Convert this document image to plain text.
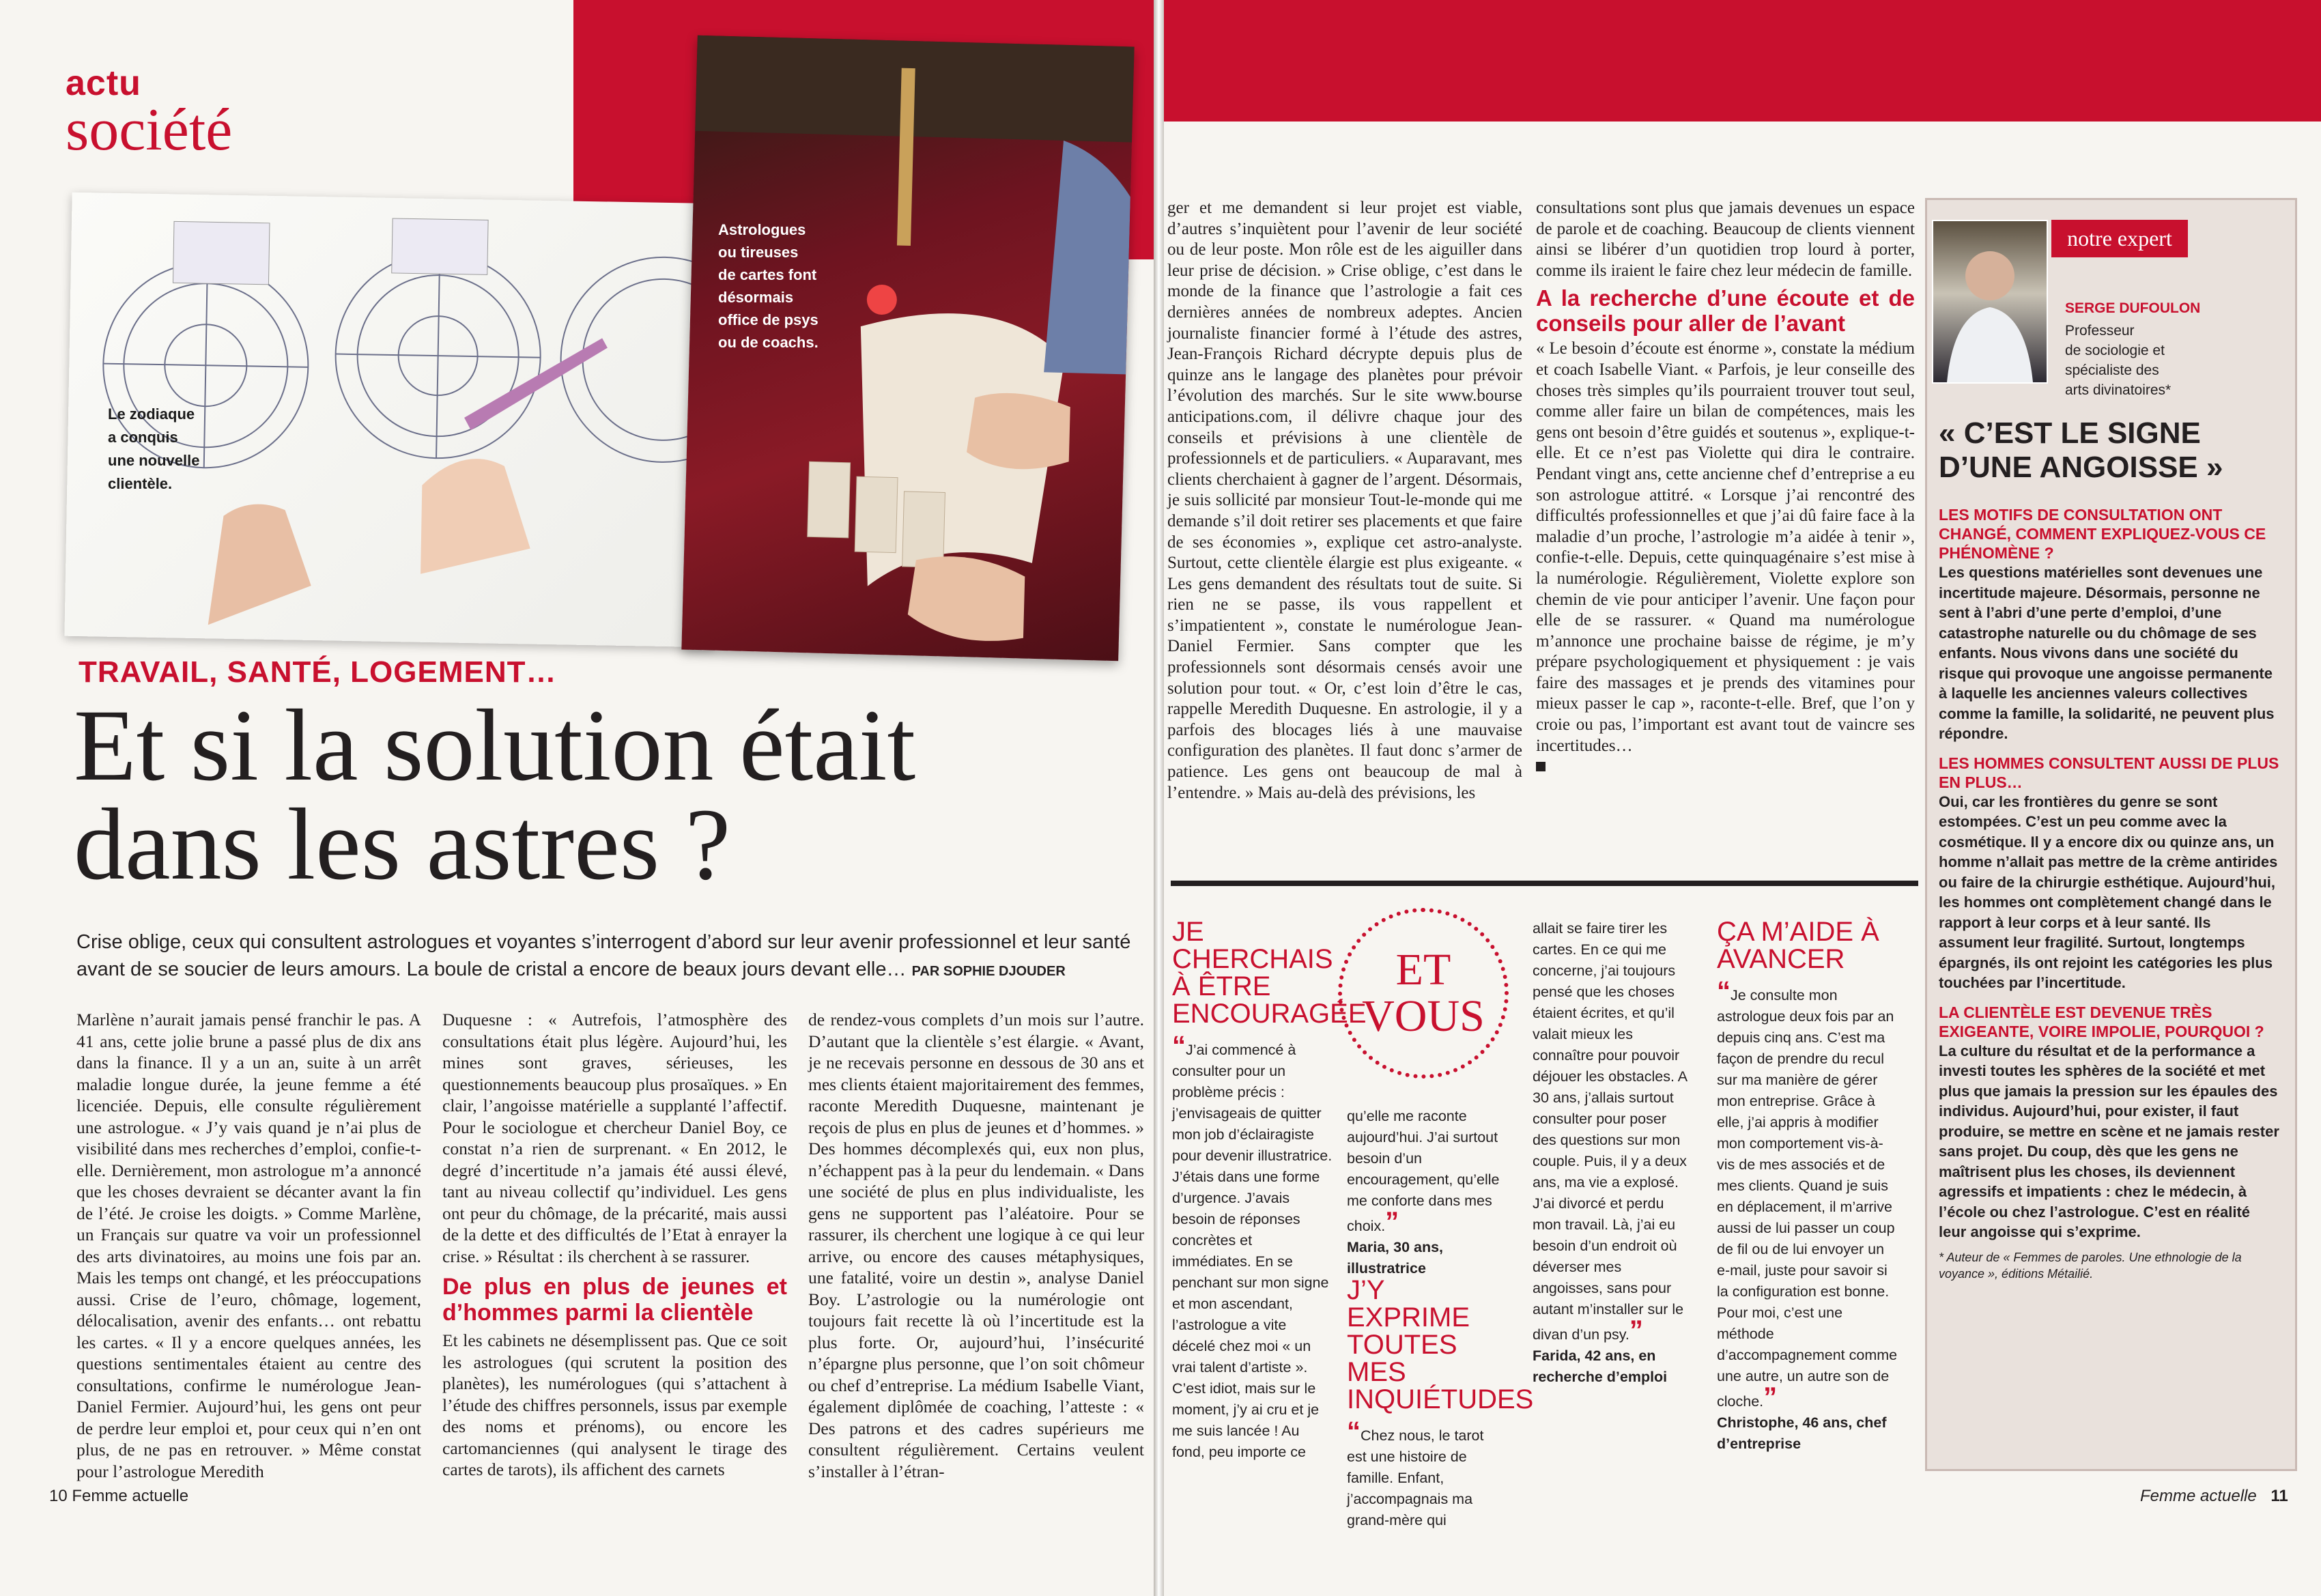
actu
société
Le zodiaque
a conquis
une nouvelle
clientèle.
Astrologues
ou tireuses
de cartes font
désormais
office de psys
ou de coachs.
TRAVAIL, SANTÉ, LOGEMENT…
Et si la solution était
dans les astres ?
Crise oblige, ceux qui consultent astrologues et voyantes s’interrogent d’abord sur leur avenir professionnel et leur santé avant de se soucier de leurs amours. La boule de cristal a encore de beaux jours devant elle… PAR SOPHIE DJOUDER

Marlène n’aurait jamais pensé franchir le pas. A 41 ans, cette jolie brune a passé plus de dix ans dans la finance. Il y a un an, suite à un arrêt maladie longue durée, la jeune femme a été licenciée. Depuis, elle consulte régulièrement une astrologue. « J’y vais quand je n’ai plus de visibilité dans mes recherches d’emploi, confie-t-elle. Dernièrement, mon astrologue m’a annoncé que les choses devraient se décanter avant la fin de l’été. Je croise les doigts. » Comme Marlène, un Français sur quatre va voir un professionnel des arts divinatoires, au moins une fois par an. Mais les temps ont changé, et les préoccupations aussi. Crise de l’euro, chômage, logement, délocalisation, avenir des enfants… ont rebattu les cartes. « Il y a encore quelques années, les questions sentimentales étaient au centre des consultations, confirme le numérologue Jean-Daniel Fermier. Aujourd’hui, les gens ont peur de perdre leur emploi et, pour ceux qui n’en ont plus, de ne pas en retrouver. » Même constat pour l’astrologue Meredith

Duquesne : « Autrefois, l’atmosphère des consultations était plus légère. Aujourd’hui, les mines sont graves, sérieuses, les questionnements beaucoup plus prosaïques. » En clair, l’angoisse matérielle a supplanté l’affectif. Pour le sociologue et chercheur Daniel Boy, ce constat n’a rien de surprenant. « En 2012, le degré d’incertitude n’a jamais été aussi élevé, tant au niveau collectif qu’individuel. Les gens ont peur du chômage, de la précarité, mais aussi de la dette et des difficultés de l’Etat à enrayer la crise. » Résultat : ils cherchent à se rassurer.

De plus en plus de jeunes et d’hommes parmi la clientèle

Et les cabinets ne désemplissent pas. Que ce soit les astrologues (qui scrutent la position des planètes), les numérologues (qui s’attachent à l’étude des chiffres personnels, issus par exemple des noms et prénoms), ou encore les cartomanciennes (qui analysent le tirage des cartes de tarots), ils affichent des carnets

de rendez-vous complets d’un mois sur l’autre. D’autant que la clientèle s’est élargie. « Avant, je ne recevais personne en dessous de 30 ans et mes clients étaient majoritairement des femmes, raconte Meredith Duquesne, maintenant je reçois de plus en plus de jeunes et d’hommes. » Des hommes décomplexés qui, eux non plus, n’échappent pas à la peur du lendemain. « Dans une société de plus en plus individualiste, les gens ne supportent pas l’aléatoire. Pour se rassurer, ils cherchent une logique à ce qui leur arrive, ou encore des causes métaphysiques, une fatalité, voire un destin », analyse Daniel Boy. L’astrologie ou la numérologie ont toujours fait recette là où l’incertitude est la plus forte. Or, aujourd’hui, l’insécurité n’épargne plus personne, que l’on soit chômeur ou chef d’entreprise. La médium Isabelle Viant, également diplômée de coaching, l’atteste : « Des patrons et des cadres supérieurs me consultent régulièrement. Certains veulent s’installer à l’étran-

10 Femme actuelle

ger et me demandent si leur projet est viable, d’autres s’inquiètent pour l’avenir de leur société ou de leur poste. Mon rôle est de les aiguiller dans leur prise de décision. » Crise oblige, c’est dans le monde de la finance que l’astrologie a fait ces dernières années de nombreux adeptes. Ancien journaliste financier formé à l’étude des astres, Jean-François Richard décrypte depuis plus de quinze ans le langage des planètes pour prévoir l’évolution des marchés. Sur le site www.bourse anticipations.com, il délivre chaque jour des conseils et prévisions à une clientèle de professionnels et de particuliers. « Auparavant, mes clients cherchaient à gagner de l’argent. Désormais, je suis sollicité par monsieur Tout-le-monde qui me demande s’il doit retirer ses placements et que faire de ses économies », explique cet astro-analyste. Surtout, cette clientèle élargie est plus exigeante. « Les gens demandent des résultats tout de suite. Si rien ne se passe, ils vous rappellent et s’impatientent », constate le numérologue Jean-Daniel Fermier. Sans compter que les professionnels sont désormais censés avoir une solution pour tout. « Or, c’est loin d’être le cas, rappelle Meredith Duquesne. En astrologie, il y a parfois des blocages liés à une mauvaise configuration des planètes. Il faut donc s’armer de patience. Les gens ont beaucoup de mal à l’entendre. » Mais au-delà des prévisions, les

consultations sont plus que jamais devenues un espace de parole et de coaching. Beaucoup de clients viennent ainsi se libérer d’un quotidien trop lourd à porter, comme ils iraient le faire chez leur médecin de famille.

A la recherche d’une écoute et de conseils pour aller de l’avant

« Le besoin d’écoute est énorme », constate la médium et coach Isabelle Viant. « Parfois, je leur conseille des choses très simples qu’ils pourraient trouver tout seul, comme aller faire un bilan de compétences, mais les gens ont besoin d’être guidés et soutenus », explique-t-elle. Et ce n’est pas Violette qui dira le contraire. Pendant vingt ans, cette ancienne chef d’entreprise a eu son astrologue attitré. « Lorsque j’ai rencontré des difficultés professionnelles et que j’ai dû faire face à la maladie d’un proche, l’astrologie m’a aidée à tenir », confie-t-elle. Depuis, cette quinquagénaire s’est mise à la numérologie. Régulièrement, Violette explore son chemin de vie pour anticiper l’avenir. Une façon pour elle de se rassurer. « Quand ma numérologue m’annonce une prochaine baisse de régime, je m’y prépare psychologiquement et physiquement : je vais faire des massages et je prends des vitamines pour mieux passer le cap », raconte-t-elle. Bref, que l’on y croie ou pas, l’important est avant tout de vaincre ses incertitudes…

JE CHERCHAIS À ÊTRE ENCOURAGÉE
“J’ai commencé à consulter pour un problème précis : j’envisageais de quitter mon job d’éclairagiste pour devenir illustratrice. J’étais dans une forme d’urgence. J’avais besoin de réponses concrètes et immédiates. En se penchant sur mon signe et mon ascendant, l’astrologue a vite décelé chez moi « un vrai talent d’artiste ». C’est idiot, mais sur le moment, j’y ai cru et je me suis lancée ! Au fond, peu importe ce
ET
VOUS
qu’elle me raconte aujourd’hui. J’ai surtout besoin d’un encouragement, qu’elle me conforte dans mes choix.”
Maria, 30 ans, illustratrice
J’Y EXPRIME TOUTES MES INQUIÉTUDES
“Chez nous, le tarot est une histoire de famille. Enfant, j’accompagnais ma grand-mère qui
allait se faire tirer les cartes. En ce qui me concerne, j’ai toujours pensé que les choses étaient écrites, et qu’il valait mieux les connaître pour pouvoir déjouer les obstacles. A 30 ans, j’allais surtout consulter pour poser des questions sur mon couple. Puis, il y a deux ans, ma vie a explosé. J’ai divorcé et perdu mon travail. Là, j’ai eu besoin d’un endroit où déverser mes angoisses, sans pour autant m’installer sur le divan d’un psy.”
Farida, 42 ans, en recherche d’emploi
ÇA M’AIDE À AVANCER
“Je consulte mon astrologue deux fois par an depuis cinq ans. C’est ma façon de prendre du recul sur ma manière de gérer mon entreprise. Grâce à elle, j’ai appris à modifier mon comportement vis-à-vis de mes associés et de mes clients. Quand je suis en déplacement, il m’arrive aussi de lui passer un coup de fil ou de lui envoyer un e-mail, juste pour savoir si la configuration est bonne. Pour moi, c’est une méthode d’accompagnement comme une autre, un autre son de cloche.”
Christophe, 46 ans, chef d’entreprise
notre expert
SERGE DUFOULON
Professeur
de sociologie et
spécialiste des
arts divinatoires*
« C’EST LE SIGNE
D’UNE ANGOISSE »
LES MOTIFS DE CONSULTATION ONT CHANGÉ, COMMENT EXPLIQUEZ-VOUS CE PHÉNOMÈNE ?
Les questions matérielles sont devenues une incertitude majeure. Désormais, personne ne sent à l’abri d’une perte d’emploi, d’une catastrophe naturelle ou du chômage de ses enfants. Nous vivons dans une société du risque qui provoque une angoisse permanente à laquelle les anciennes valeurs collectives comme la famille, la solidarité, ne peuvent plus répondre.
LES HOMMES CONSULTENT AUSSI DE PLUS EN PLUS…
Oui, car les frontières du genre se sont estompées. C’est un peu comme avec la cosmétique. Il y a encore dix ou quinze ans, un homme n’allait pas mettre de la crème antirides ou faire de la chirurgie esthétique. Aujourd’hui, les hommes ont complètement changé dans le rapport à leur corps et à leur santé. Ils assument leur fragilité. Surtout, longtemps épargnés, ils ont rejoint les catégories les plus touchées par l’incertitude.
LA CLIENTÈLE EST DEVENUE TRÈS EXIGEANTE, VOIRE IMPOLIE, POURQUOI ?
La culture du résultat et de la performance a investi toutes les sphères de la société et met plus que jamais la pression sur les épaules des individus. Aujourd’hui, pour exister, il faut produire, se mettre en scène et ne jamais rester sans projet. Du coup, dès que les gens ne maîtrisent plus les choses, ils deviennent agressifs et impatients : chez le médecin, à l’école ou chez l’astrologue. C’est en réalité leur angoisse qui s’exprime.
* Auteur de « Femmes de paroles. Une ethnologie de la voyance », éditions Métailié.
Femme actuelle 11
